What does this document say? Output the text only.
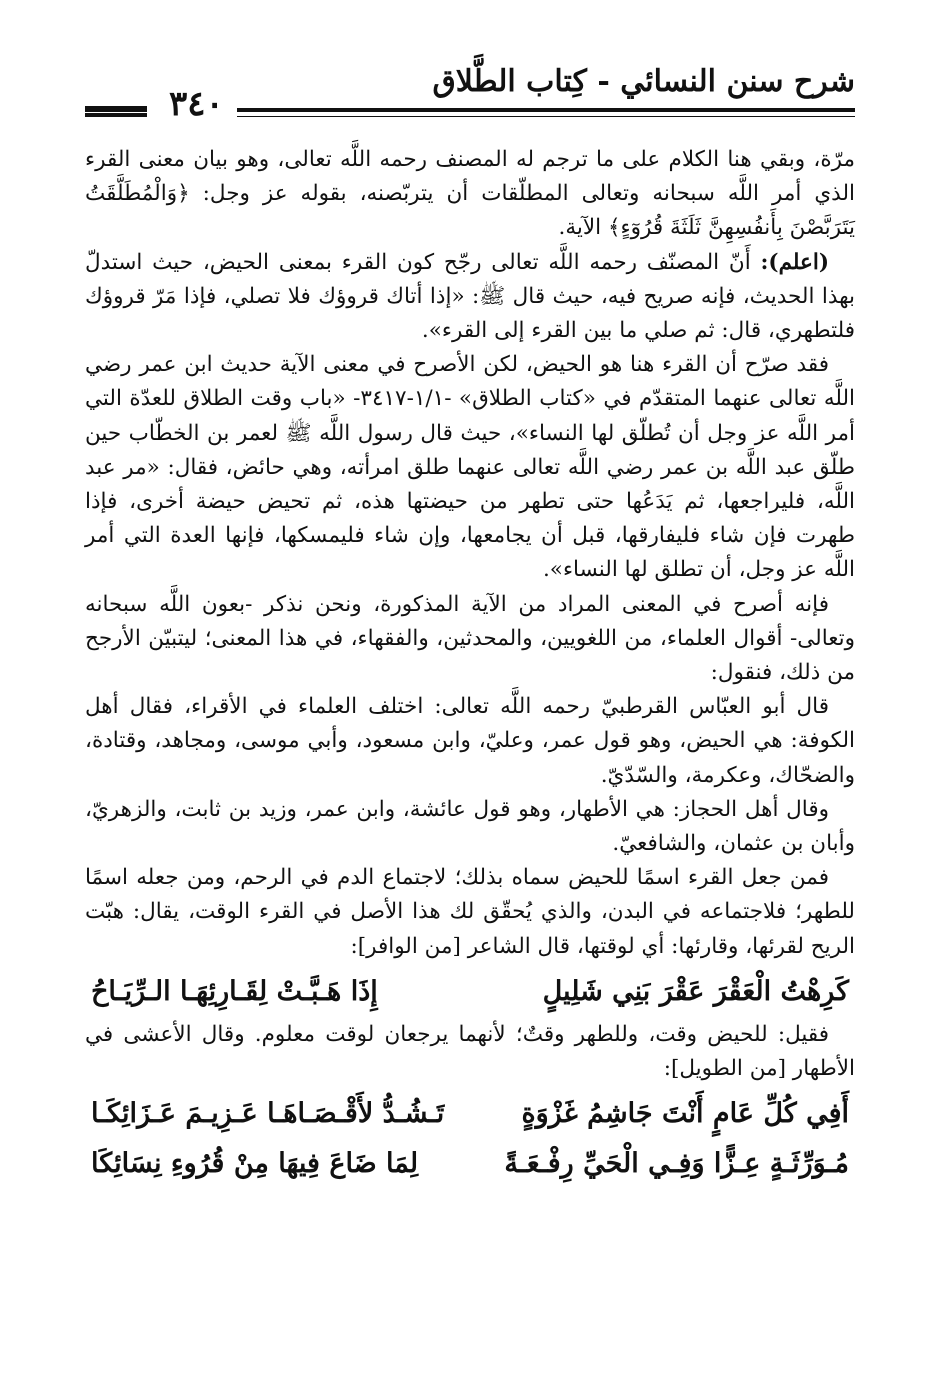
شرح سنن النسائي - كِتاب الطَّلاق
٣٤٠

مرّة، وبقي هنا الكلام على ما ترجم له المصنف رحمه اللَّه تعالى، وهو بيان معنى القرء الذي أمر اللَّه سبحانه وتعالى المطلّقات أن يتربّصنه، بقوله عز وجل: ﴿وَالْمُطَلَّقَتُ يَتَرَبَّصْنَ بِأَنفُسِهِنَّ ثَلَثَةَ قُرُوٓءٍ﴾ الآية.

(اعلم): أَنّ المصنّف رحمه اللَّه تعالى رجّح كون القرء بمعنى الحيض، حيث استدلّ بهذا الحديث، فإنه صريح فيه، حيث قال ﷺ: «إذا أتاك قروؤك فلا تصلي، فإذا مَرّ قروؤك فلتطهري، قال: ثم صلي ما بين القرء إلى القرء».

فقد صرّح أن القرء هنا هو الحيض، لكن الأصرح في معنى الآية حديث ابن عمر رضي اللَّه تعالى عنهما المتقدّم في «كتاب الطلاق» -١/١-٣٤١٧- «باب وقت الطلاق للعدّة التي أمر اللَّه عز وجل أن تُطلّق لها النساء»، حيث قال رسول اللَّه ﷺ لعمر بن الخطّاب حين طلّق عبد اللَّه بن عمر رضي اللَّه تعالى عنهما طلق امرأته، وهي حائض، فقال: «مر عبد اللَّه، فليراجعها، ثم يَدَعُها حتى تطهر من حيضتها هذه، ثم تحيض حيضة أخرى، فإذا طهرت فإن شاء فليفارقها، قبل أن يجامعها، وإن شاء فليمسكها، فإنها العدة التي أمر اللَّه عز وجل، أن تطلق لها النساء».

فإنه أصرح في المعنى المراد من الآية المذكورة، ونحن نذكر -بعون اللَّه سبحانه وتعالى- أقوال العلماء، من اللغويين، والمحدثين، والفقهاء، في هذا المعنى؛ ليتبيّن الأرجح من ذلك، فنقول:

قال أبو العبّاس القرطبيّ رحمه اللَّه تعالى: اختلف العلماء في الأقراء، فقال أهل الكوفة: هي الحيض، وهو قول عمر، وعليّ، وابن مسعود، وأبي موسى، ومجاهد، وقتادة، والضحّاك، وعكرمة، والسّدّيّ.

وقال أهل الحجاز: هي الأطهار، وهو قول عائشة، وابن عمر، وزيد بن ثابت، والزهريّ، وأبان بن عثمان، والشافعيّ.

فمن جعل القرء اسمًا للحيض سماه بذلك؛ لاجتماع الدم في الرحم، ومن جعله اسمًا للطهر؛ فلاجتماعه في البدن، والذي يُحقّق لك هذا الأصل في القرء الوقت، يقال: هبّت الريح لقرئها، وقارئها: أي لوقتها، قال الشاعر [من الوافر]:

كَرِهْتُ الْعَقْرَ عَقْرَ بَنِي شَلِيلٍ
إِذَا هَـبَّـتْ لِقَـارِئِهَـا الـرِّيَـاحُ

فقيل: للحيض وقت، وللطهر وقتٌ؛ لأنهما يرجعان لوقت معلوم. وقال الأعشى في الأطهار [من الطويل]:

أَفِي كُلِّ عَامٍ أَنْتَ جَاشِمُ غَزْوَةٍ
تَـشُـدُّ لأَقْـصَـاهَـا عَـزِيـمَ عَـزَائِكَـا
مُـوَرِّثَـةٍ عِـزًّا وَفِـي الْحَيِّ رِفْـعَـةً
لِمَا ضَاعَ فِيهَا مِنْ قُرُوءِ نِسَائِكَا
